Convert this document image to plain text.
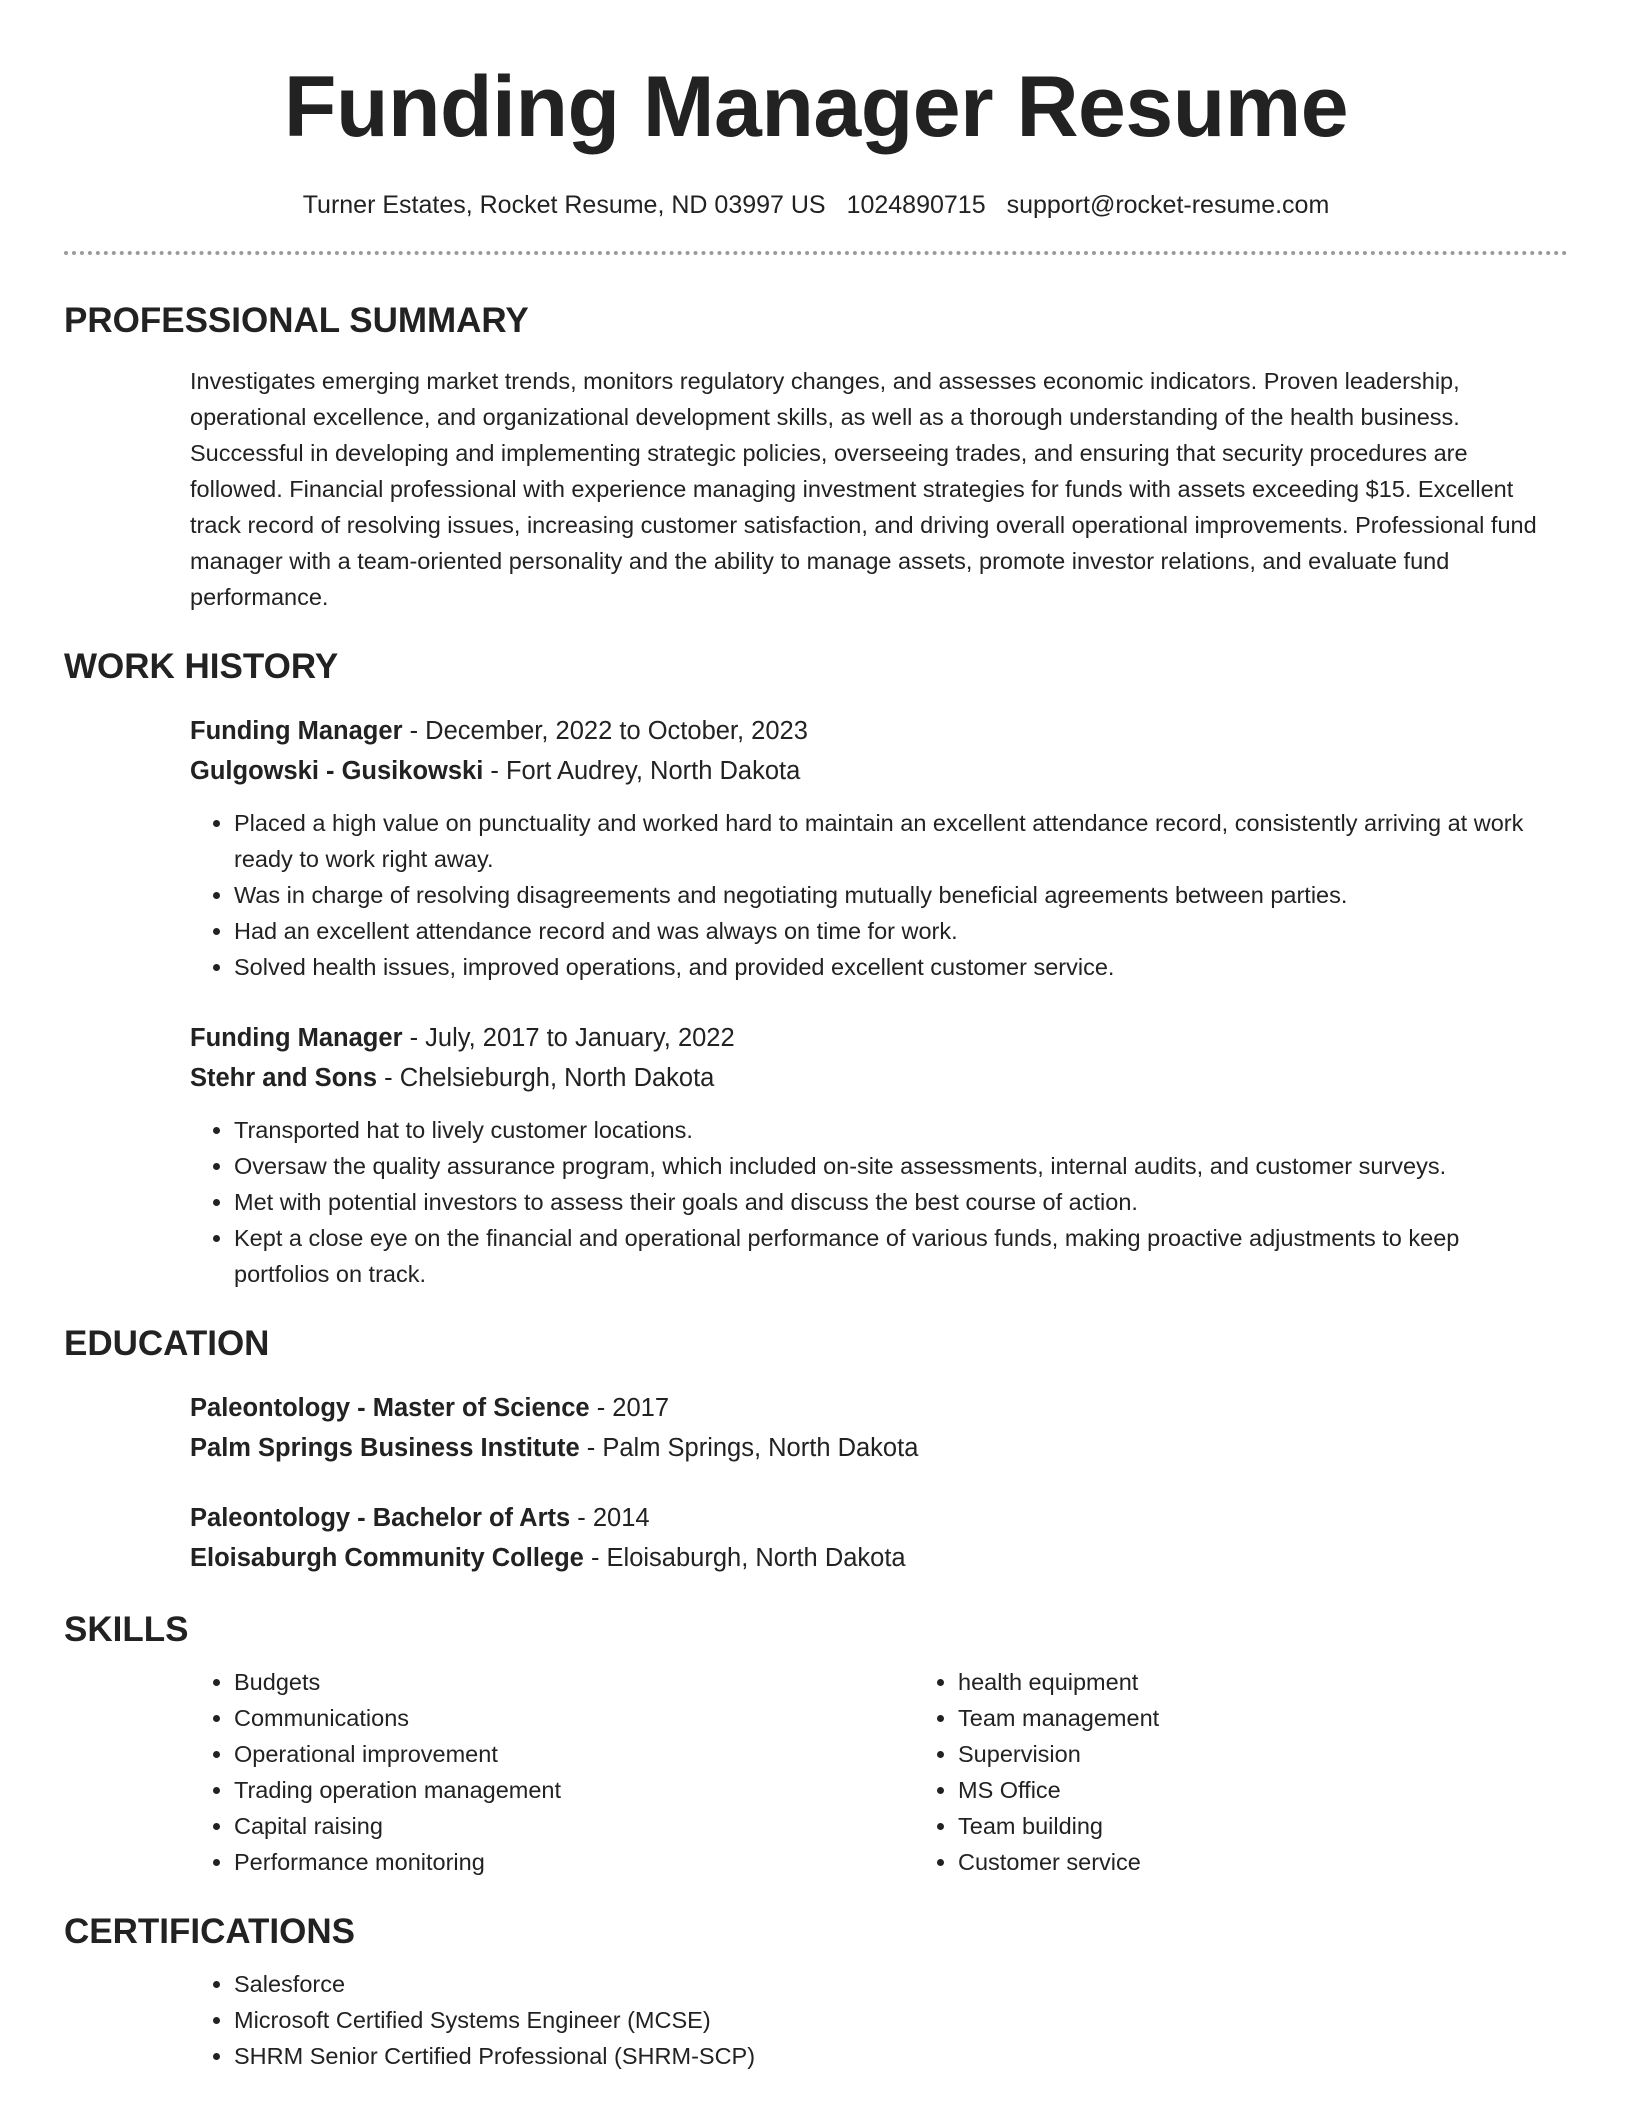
Funding Manager Resume
Turner Estates, Rocket Resume, ND 03997 US 1024890715 support@rocket-resume.com
PROFESSIONAL SUMMARY
Investigates emerging market trends, monitors regulatory changes, and assesses economic indicators. Proven leadership, operational excellence, and organizational development skills, as well as a thorough understanding of the health business. Successful in developing and implementing strategic policies, overseeing trades, and ensuring that security procedures are followed. Financial professional with experience managing investment strategies for funds with assets exceeding $15. Excellent track record of resolving issues, increasing customer satisfaction, and driving overall operational improvements. Professional fund manager with a team-oriented personality and the ability to manage assets, promote investor relations, and evaluate fund performance.
WORK HISTORY
Funding Manager - December, 2022 to October, 2023
Gulgowski - Gusikowski - Fort Audrey, North Dakota
• Placed a high value on punctuality and worked hard to maintain an excellent attendance record, consistently arriving at work ready to work right away.
• Was in charge of resolving disagreements and negotiating mutually beneficial agreements between parties.
• Had an excellent attendance record and was always on time for work.
• Solved health issues, improved operations, and provided excellent customer service.
Funding Manager - July, 2017 to January, 2022
Stehr and Sons - Chelsieburgh, North Dakota
• Transported hat to lively customer locations.
• Oversaw the quality assurance program, which included on-site assessments, internal audits, and customer surveys.
• Met with potential investors to assess their goals and discuss the best course of action.
• Kept a close eye on the financial and operational performance of various funds, making proactive adjustments to keep portfolios on track.
EDUCATION
Paleontology - Master of Science - 2017
Palm Springs Business Institute - Palm Springs, North Dakota
Paleontology - Bachelor of Arts - 2014
Eloisaburgh Community College - Eloisaburgh, North Dakota
SKILLS
• Budgets
• Communications
• Operational improvement
• Trading operation management
• Capital raising
• Performance monitoring
• health equipment
• Team management
• Supervision
• MS Office
• Team building
• Customer service
CERTIFICATIONS
• Salesforce
• Microsoft Certified Systems Engineer (MCSE)
• SHRM Senior Certified Professional (SHRM-SCP)
